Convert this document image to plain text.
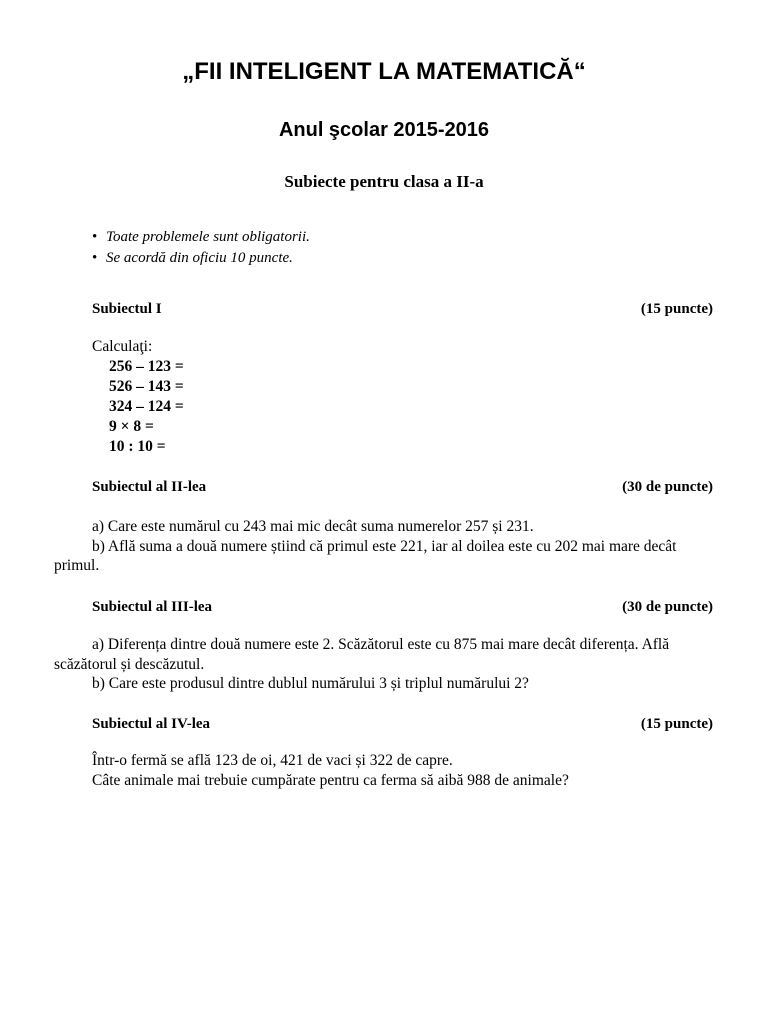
„FII INTELIGENT LA MATEMATICĂ“
Anul şcolar 2015-2016
Subiecte pentru clasa a II-a
• Toate problemele sunt obligatorii.
• Se acordă din oficiu 10 puncte.
Subiectul I	(15 puncte)
Calculaţi:
256 – 123 =
526 – 143 =
324 – 124 =
9 × 8 =
10 : 10 =
Subiectul al II-lea	(30 de puncte)

a) Care este numărul cu 243 mai mic decât suma numerelor 257 și 231.

b) Află suma a două numere știind că primul este 221, iar al doilea este cu 202 mai mare decât primul.

Subiectul al III-lea	(30 de puncte)

a) Diferența dintre două numere este 2. Scăzătorul este cu 875 mai mare decât diferența. Află scăzătorul și descăzutul.

b) Care este produsul dintre dublul numărului 3 și triplul numărului 2?

Subiectul al IV-lea	(15 puncte)

Într-o fermă se află 123 de oi, 421 de vaci și 322 de capre.

Câte animale mai trebuie cumpărate pentru ca ferma să aibă 988 de animale?
